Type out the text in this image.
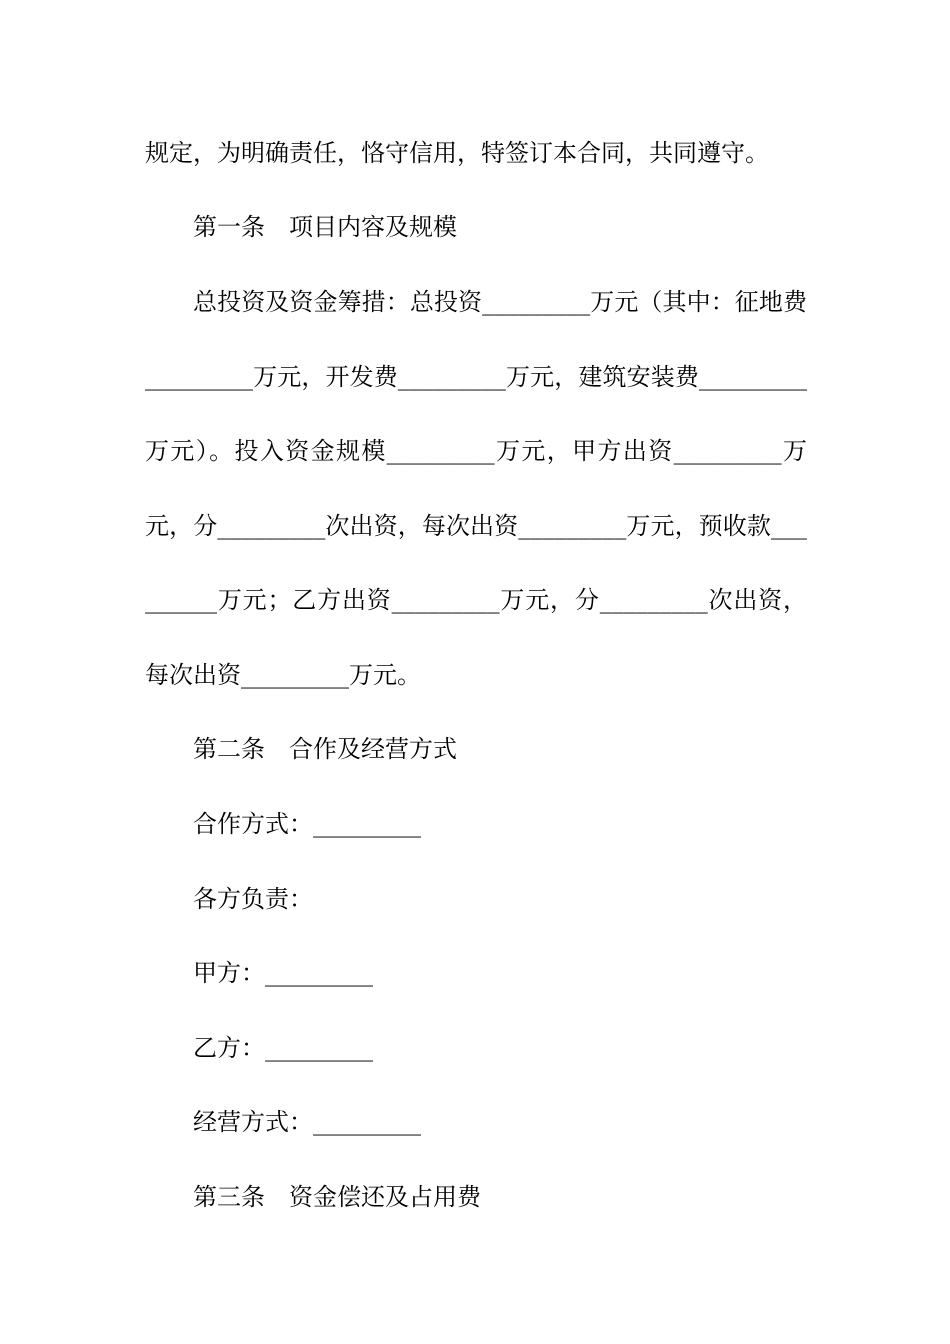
规定，为明确责任，恪守信用，特签订本合同，共同遵守。
第一条　项目内容及规模
总投资及资金筹措：总投资_________万元（其中：征地费
_________万元，开发费_________万元，建筑安装费_________
万元）。投入资金规模_________万元，甲方出资_________万
元，分_________次出资，每次出资_________万元，预收款___
______万元；乙方出资_________万元，分_________次出资，
每次出资_________万元。
第二条　合作及经营方式
合作方式：_________
各方负责：
甲方：_________
乙方：_________
经营方式：_________
第三条　资金偿还及占用费
